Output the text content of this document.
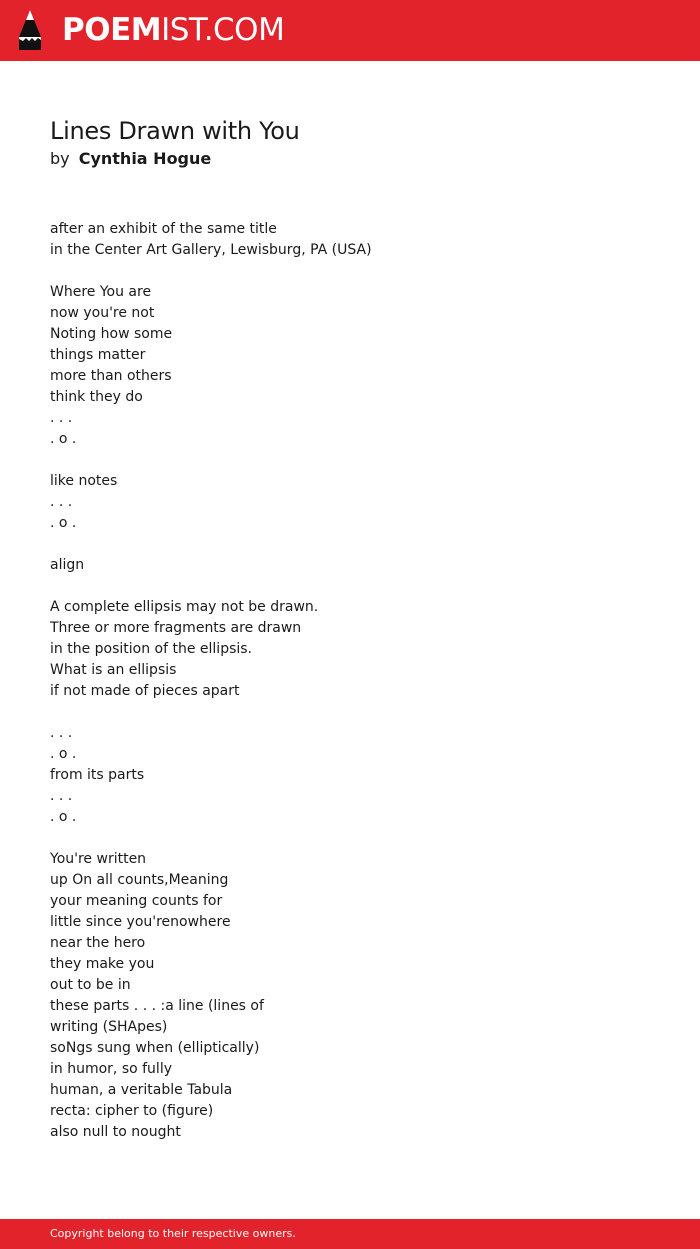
POEMIST.COM
Lines Drawn with You
by Cynthia Hogue
after an exhibit of the same title
in the Center Art Gallery, Lewisburg, PA (USA)
Where You are
now you're not
Noting how some
things matter
more than others
think they do
. . .
. o .
like notes
. . .
. o .
align
A complete ellipsis may not be drawn.
Three or more fragments are drawn
in the position of the ellipsis.
What is an ellipsis
if not made of pieces apart
. . .
. o .
from its parts
. . .
. o .
You're written
up On all counts,Meaning
your meaning counts for
little since you'renowhere
near the hero
they make you
out to be in
these parts . . . :a line (lines of
writing (SHApes)
soNgs sung when (elliptically)
in humor, so fully
human, a veritable Tabula
recta: cipher to (figure)
also null to nought
Copyright belong to their respective owners.
